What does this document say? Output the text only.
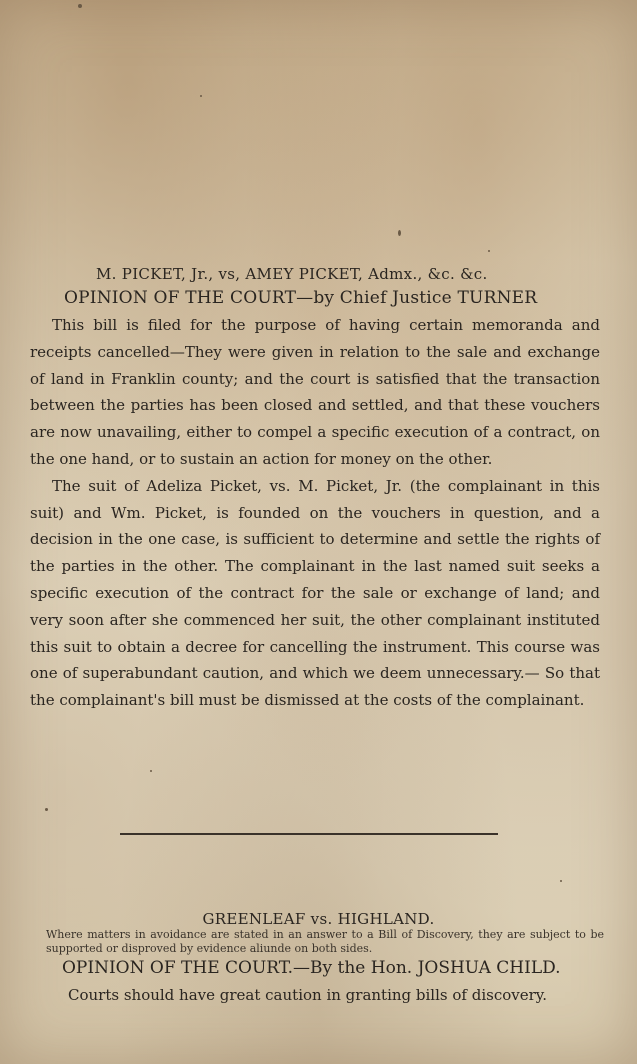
M. PICKET, Jr., vs, AMEY PICKET, Admx., &c. &c.
OPINION OF THE COURT—by Chief Justice TURNER

This bill is filed for the purpose of having certain memoranda and receipts cancelled—They were given in relation to the sale and exchange of land in Franklin county; and the court is satisfied that the transaction between the parties has been closed and settled, and that these vouchers are now unavailing, either to compel a specific execution of a contract, on the one hand, or to sustain an action for money on the other.

The suit of Adeliza Picket, vs. M. Picket, Jr. (the complainant in this suit) and Wm. Picket, is founded on the vouchers in question, and a decision in the one case, is sufficient to determine and settle the rights of the parties in the other. The complainant in the last named suit seeks a specific execution of the contract for the sale or exchange of land; and very soon after she commenced her suit, the other complainant instituted this suit to obtain a decree for cancelling the instrument. This course was one of superabundant caution, and which we deem unnecessary.— So that the complainant's bill must be dismissed at the costs of the complainant.

GREENLEAF vs. HIGHLAND.
Where matters in avoidance are stated in an answer to a Bill of Discovery, they are subject to be supported or disproved by evidence aliunde on both sides.
OPINION OF THE COURT.—By the Hon. JOSHUA CHILD.
Courts should have great caution in granting bills of discovery.
